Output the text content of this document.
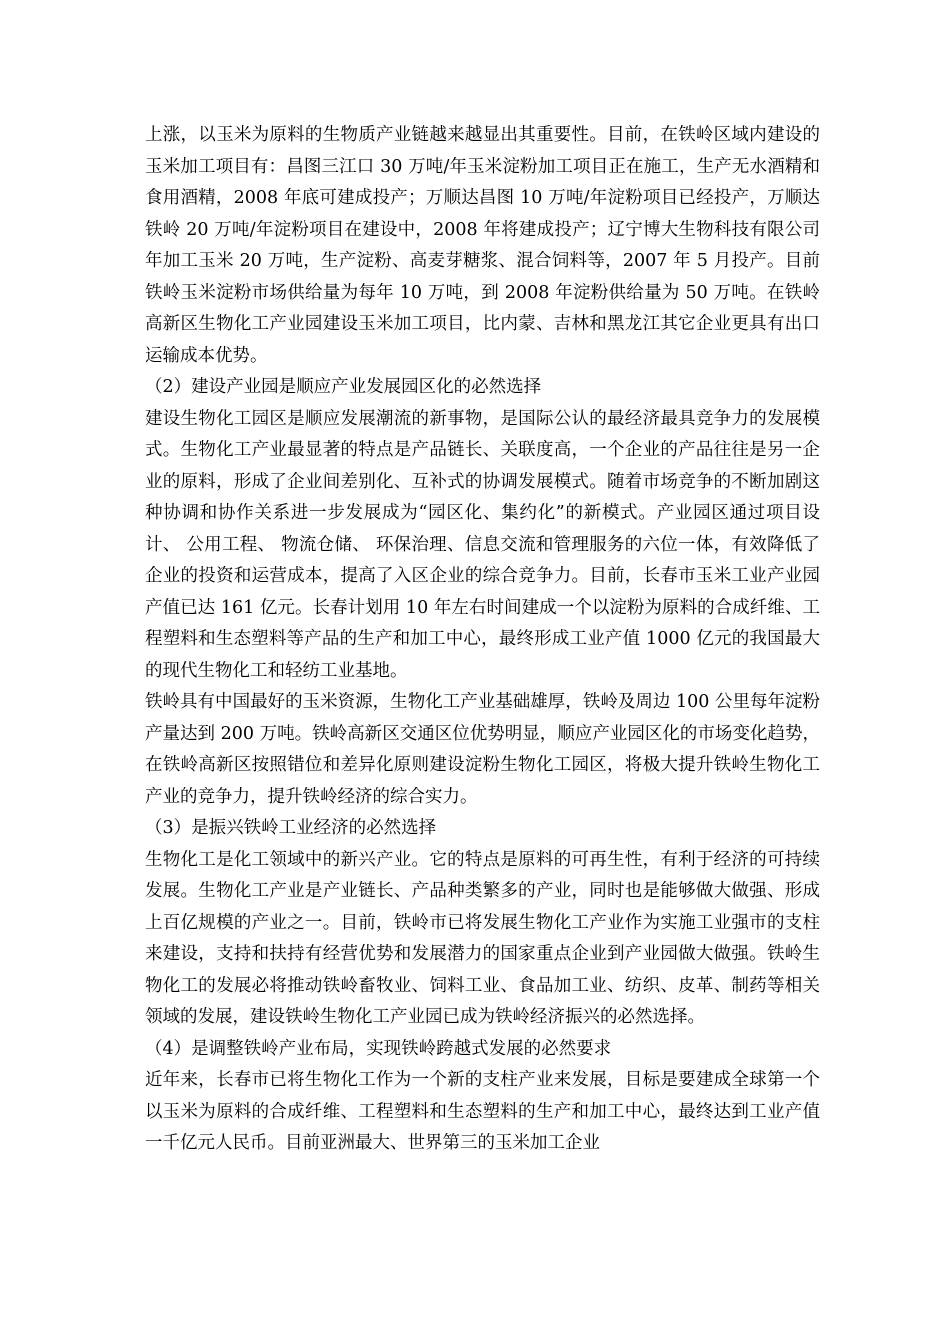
上涨，以玉米为原料的生物质产业链越来越显出其重要性。目前，在铁岭区域内建设的玉米加工项目有：昌图三江口 30 万吨/年玉米淀粉加工项目正在施工，生产无水酒精和食用酒精，2008 年底可建成投产；万顺达昌图 10 万吨/年淀粉项目已经投产，万顺达铁岭 20 万吨/年淀粉项目在建设中，2008 年将建成投产；辽宁博大生物科技有限公司年加工玉米 20 万吨，生产淀粉、高麦芽糖浆、混合饲料等，2007 年 5 月投产。目前铁岭玉米淀粉市场供给量为每年 10 万吨，到 2008 年淀粉供给量为 50 万吨。在铁岭高新区生物化工产业园建设玉米加工项目，比内蒙、吉林和黑龙江其它企业更具有出口运输成本优势。

（2）建设产业园是顺应产业发展园区化的必然选择

建设生物化工园区是顺应发展潮流的新事物，是国际公认的最经济最具竞争力的发展模式。生物化工产业最显著的特点是产品链长、关联度高，一个企业的产品往往是另一企业的原料，形成了企业间差别化、互补式的协调发展模式。随着市场竞争的不断加剧这种协调和协作关系进一步发展成为“园区化、集约化”的新模式。产业园区通过项目设计、 公用工程、 物流仓储、 环保治理、信息交流和管理服务的六位一体，有效降低了企业的投资和运营成本，提高了入区企业的综合竞争力。目前，长春市玉米工业产业园产值已达 161 亿元。长春计划用 10 年左右时间建成一个以淀粉为原料的合成纤维、工程塑料和生态塑料等产品的生产和加工中心，最终形成工业产值 1000 亿元的我国最大的现代生物化工和轻纺工业基地。

铁岭具有中国最好的玉米资源，生物化工产业基础雄厚，铁岭及周边 100 公里每年淀粉产量达到 200 万吨。铁岭高新区交通区位优势明显，顺应产业园区化的市场变化趋势，在铁岭高新区按照错位和差异化原则建设淀粉生物化工园区，将极大提升铁岭生物化工产业的竞争力，提升铁岭经济的综合实力。

（3）是振兴铁岭工业经济的必然选择

生物化工是化工领域中的新兴产业。它的特点是原料的可再生性，有利于经济的可持续发展。生物化工产业是产业链长、产品种类繁多的产业，同时也是能够做大做强、形成上百亿规模的产业之一。目前，铁岭市已将发展生物化工产业作为实施工业强市的支柱来建设，支持和扶持有经营优势和发展潜力的国家重点企业到产业园做大做强。铁岭生物化工的发展必将推动铁岭畜牧业、饲料工业、食品加工业、纺织、皮革、制药等相关领域的发展，建设铁岭生物化工产业园已成为铁岭经济振兴的必然选择。

（4）是调整铁岭产业布局，实现铁岭跨越式发展的必然要求

近年来，长春市已将生物化工作为一个新的支柱产业来发展，目标是要建成全球第一个以玉米为原料的合成纤维、工程塑料和生态塑料的生产和加工中心，最终达到工业产值一千亿元人民币。目前亚洲最大、世界第三的玉米加工企业
